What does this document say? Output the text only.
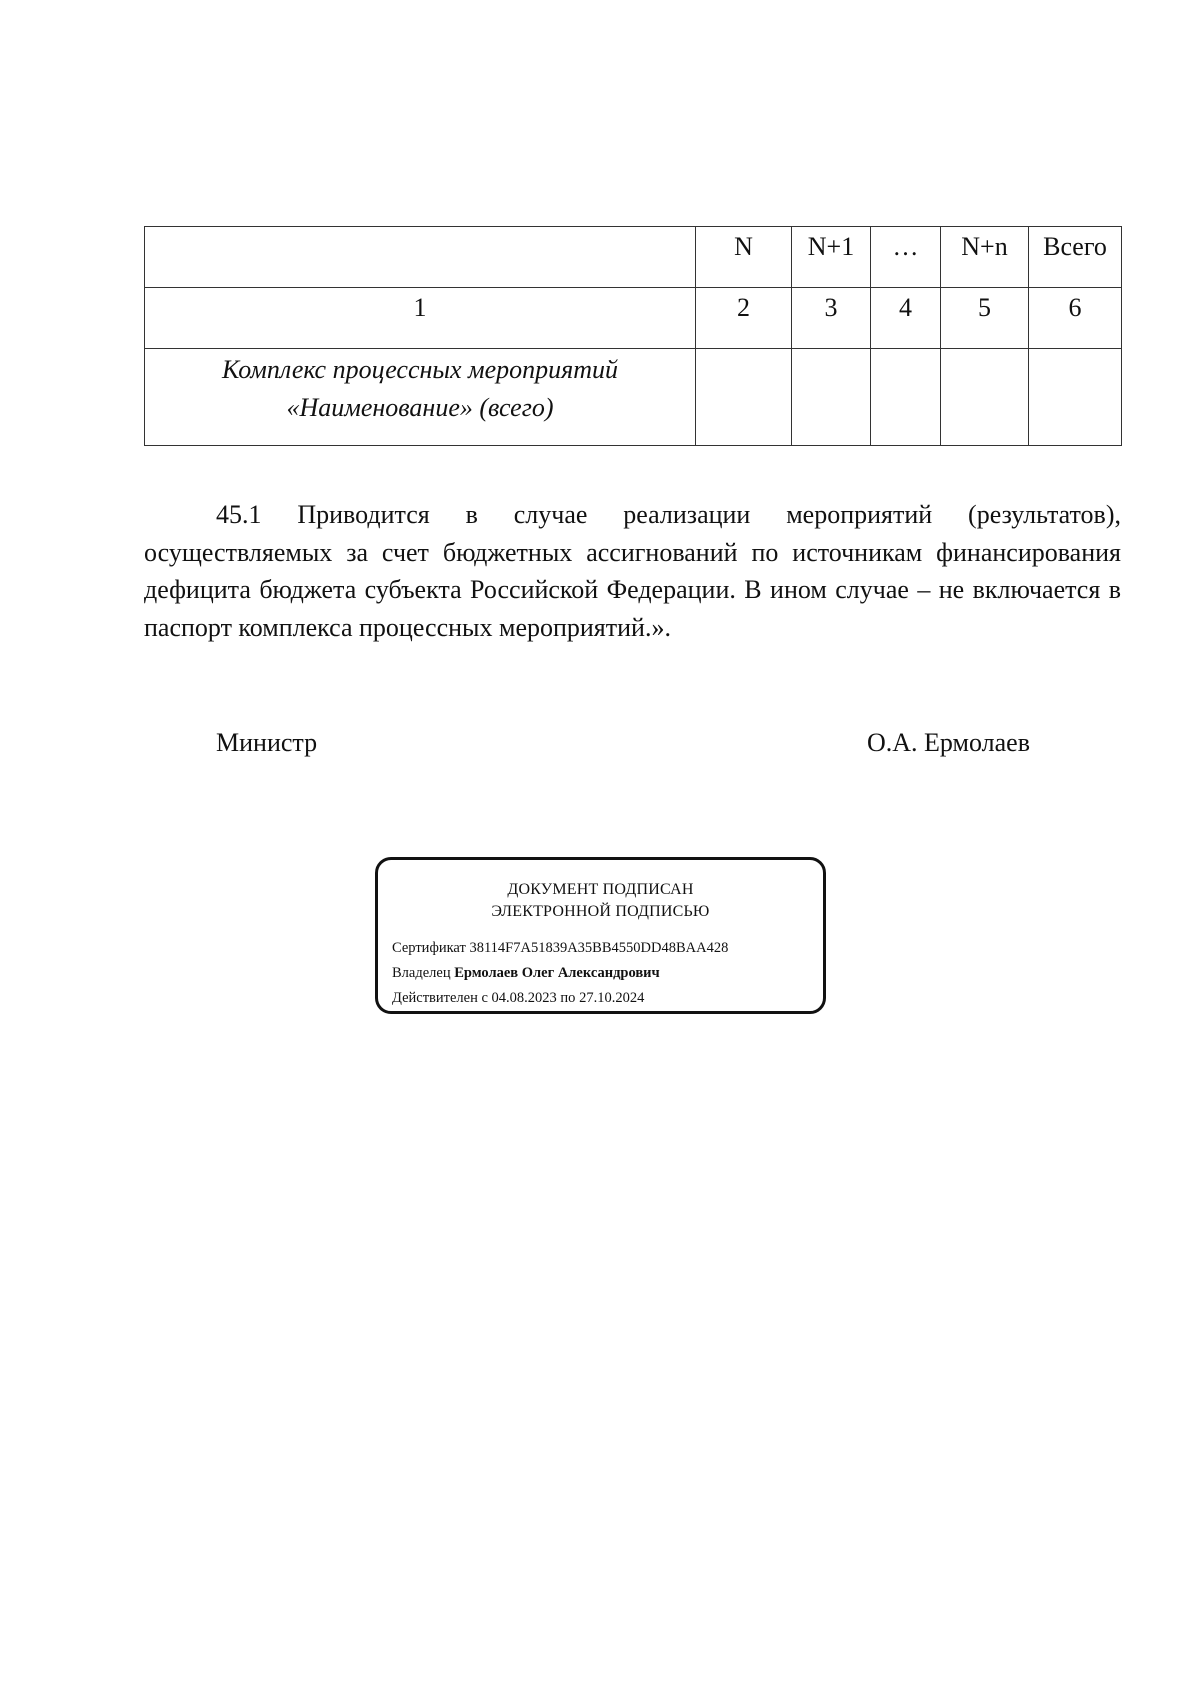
	N	N+1	…	N+n	Всего
1	2	3	4	5	6

Комплекс процессных мероприятий
«Наименование» (всего)					

45.1 Приводится в случае реализации мероприятий (результатов), осуществляемых за счет бюджетных ассигнований по источникам финансирования дефицита бюджета субъекта Российской Федерации. В ином случае – не включается в паспорт комплекса процессных мероприятий.».

Министр	О.А. Ермолаев
ДОКУМЕНТ ПОДПИСАН
ЭЛЕКТРОННОЙ ПОДПИСЬЮ
Сертификат 38114F7A51839A35BB4550DD48BAA428
Владелец Ермолаев Олег Александрович
Действителен с 04.08.2023 по 27.10.2024
